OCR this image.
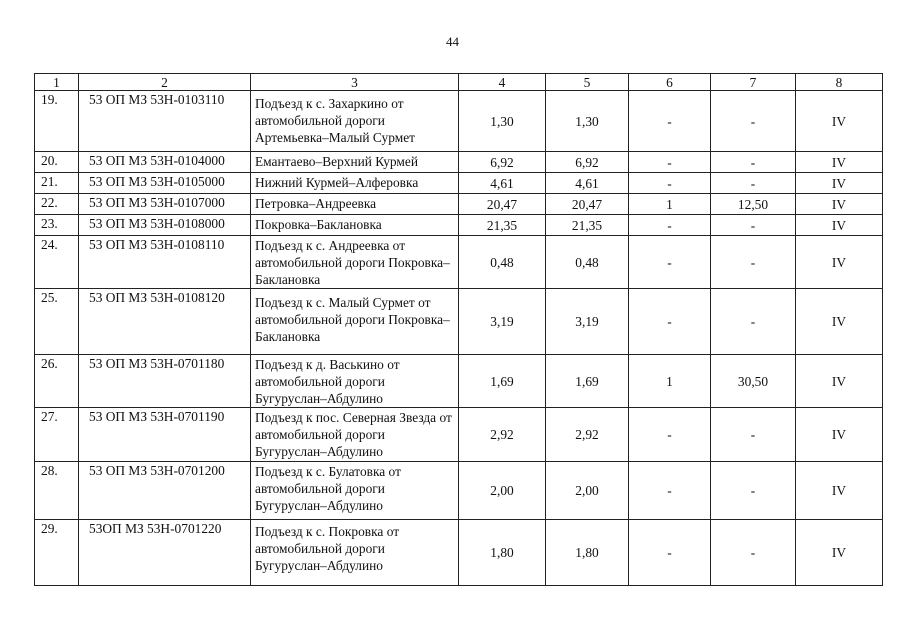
44
1	2	3	4	5	6	7	8
19.	53 ОП МЗ 53Н-0103110	Подъезд к с. Захаркино от автомобильной дороги Артемьевка–Малый Сурмет	1,30	1,30	-	-	IV
20.	53 ОП МЗ 53Н-0104000	Емантаево–Верхний Курмей	6,92	6,92	-	-	IV
21.	53 ОП МЗ 53Н-0105000	Нижний Курмей–Алферовка	4,61	4,61	-	-	IV
22.	53 ОП МЗ 53Н-0107000	Петровка–Андреевка	20,47	20,47	1	12,50	IV
23.	53 ОП МЗ 53Н-0108000	Покровка–Баклановка	21,35	21,35	-	-	IV
24.	53 ОП МЗ 53Н-0108110	Подъезд к с. Андреевка от автомобильной дороги Покровка–Баклановка	0,48	0,48	-	-	IV
25.	53 ОП МЗ 53Н-0108120	Подъезд к с. Малый Сурмет от автомобильной дороги Покровка–Баклановка	3,19	3,19	-	-	IV
26.	53 ОП МЗ 53Н-0701180	Подъезд к д. Васькино от автомобильной дороги Бугуруслан–Абдулино	1,69	1,69	1	30,50	IV
27.	53 ОП МЗ 53Н-0701190	Подъезд к пос. Северная Звезда от автомобильной дороги Бугуруслан–Абдулино	2,92	2,92	-	-	IV
28.	53 ОП МЗ 53Н-0701200	Подъезд к с. Булатовка от автомобильной дороги Бугуруслан–Абдулино	2,00	2,00	-	-	IV
29.	53ОП МЗ 53Н-0701220	Подъезд к с. Покровка от автомобильной дороги Бугуруслан–Абдулино	1,80	1,80	-	-	IV
